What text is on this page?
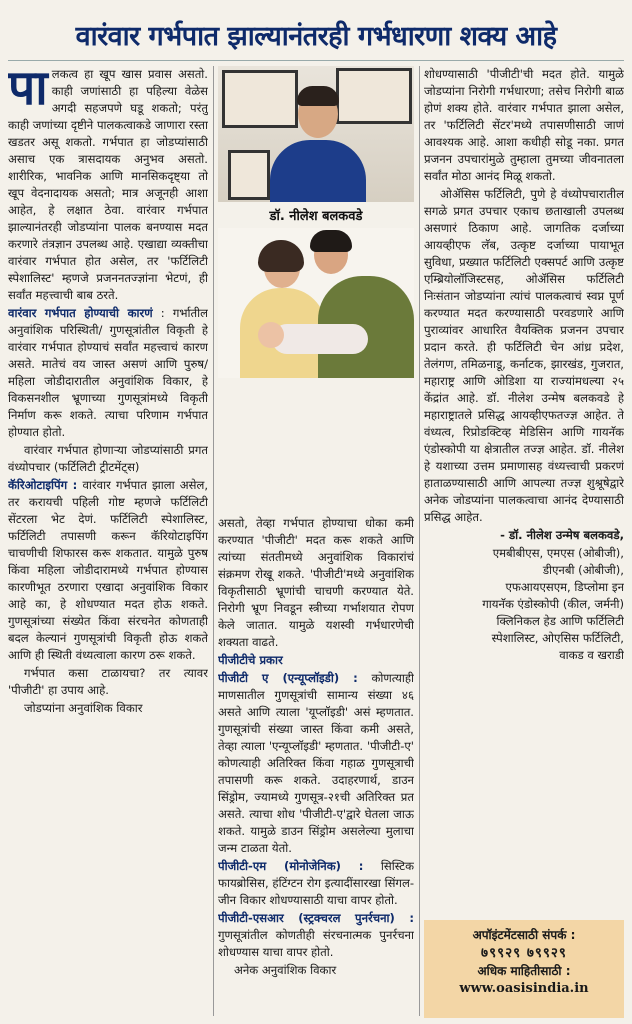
वारंवार गर्भपात झाल्यानंतरही गर्भधारणा शक्य आहे

पालकत्व हा खूप खास प्रवास असतो. काही जणांसाठी हा पहिल्या वेळेस अगदी सहजपणे घडू शकतो; परंतु काही जणांच्या दृष्टीने पालकत्वाकडे जाणारा रस्ता खडतर असू शकतो. गर्भपात हा जोडप्यांसाठी असाच एक त्रासदायक अनुभव असतो. शारीरिक, भावनिक आणि मानसिकदृष्ट्या तो खूप वेदनादायक असतो; मात्र अजूनही आशा आहेत, हे लक्षात ठेवा. वारंवार गर्भपात झाल्यानंतरही जोडप्यांना पालक बनण्यास मदत करणारे तंत्रज्ञान उपलब्ध आहे. एखाद्या व्यक्तीचा वारंवार गर्भपात होत असेल, तर 'फर्टिलिटी स्पेशालिस्ट' म्हणजे प्रजननतज्ज्ञांना भेटणं, ही सर्वांत महत्त्वाची बाब ठरते.

वारंवार गर्भपात होण्याची कारणं : गर्भातील अनुवांशिक परिस्थिती/ गुणसूत्रांतील विकृती हे वारंवार गर्भपात होण्याचं सर्वांत महत्त्वाचं कारण असते. मातेचं वय जास्त असणं आणि पुरुष/ महिला जोडीदारातील अनुवांशिक विकार, हे विकसनशील भ्रूणाच्या गुणसूत्रांमध्ये विकृती निर्माण करू शकते. त्याचा परिणाम गर्भपात होण्यात होतो.

वारंवार गर्भपात होणाऱ्या जोडप्यांसाठी प्रगत वंध्योपचार (फर्टिलिटी ट्रीटमेंट्स)

कॅरिओटाइपिंग : वारंवार गर्भपात झाला असेल, तर करायची पहिली गोष्ट म्हणजे फर्टिलिटी सेंटरला भेट देणं. फर्टिलिटी स्पेशालिस्ट, फर्टिलिटी तपासणी करून कॅरियोटाइपिंग चाचणीची शिफारस करू शकतात. यामुळे पुरुष किंवा महिला जोडीदारामध्ये गर्भपात होण्यास कारणीभूत ठरणारा एखादा अनुवांशिक विकार आहे का, हे शोधण्यात मदत होऊ शकते. गुणसूत्रांच्या संख्येत किंवा संरचनेत कोणताही बदल केल्यानं गुणसूत्रांची विकृती होऊ शकते आणि ही स्थिती वंध्यत्वाला कारण ठरू शकते.

गर्भपात कसा टाळायचा? तर त्यावर 'पीजीटी' हा उपाय आहे.

जोडप्यांना अनुवांशिक विकार

डॉ. नीलेश बलकवडे

असतो, तेव्हा गर्भपात होण्याचा धोका कमी करण्यात 'पीजीटी' मदत करू शकते आणि त्यांच्या संततीमध्ये अनुवांशिक विकारांचं संक्रमण रोखू शकते. 'पीजीटी'मध्ये अनुवांशिक विकृतीसाठी भ्रूणांची चाचणी करण्यात येते. निरोगी भ्रूण निवडून स्त्रीच्या गर्भाशयात रोपण केले जातात. यामुळे यशस्वी गर्भधारणेची शक्यता वाढते.

पीजीटीचे प्रकार

पीजीटी ए (एन्यूप्लॉइडी) : कोणत्याही माणसातील गुणसूत्रांची सामान्य संख्या ४६ असते आणि त्याला 'यूप्लॉइडी' असं म्हणतात. गुणसूत्रांची संख्या जास्त किंवा कमी असते, तेव्हा त्याला 'एन्यूप्लॉइडी' म्हणतात. 'पीजीटी-ए' कोणत्याही अतिरिक्त किंवा गहाळ गुणसूत्राची तपासणी करू शकते. उदाहरणार्थ, डाउन सिंड्रोम, ज्यामध्ये गुणसूत्र-२१ची अतिरिक्त प्रत असते. त्याचा शोध 'पीजीटी-ए'द्वारे घेतला जाऊ शकते. यामुळे डाउन सिंड्रोम असलेल्या मुलाचा जन्म टाळता येतो.

पीजीटी-एम (मोनोजेनिक) : सिस्टिक फायब्रोसिस, हंटिंग्टन रोग इत्यादींसारखा सिंगल-जीन विकार शोधण्यासाठी याचा वापर होतो.

पीजीटी-एसआर (स्ट्रक्चरल पुनर्रचना) : गुणसूत्रांतील कोणतीही संरचनात्मक पुनर्रचना शोधण्यास याचा वापर होतो.

अनेक अनुवांशिक विकार

शोधण्यासाठी 'पीजीटी'ची मदत होते. यामुळे जोडप्यांना निरोगी गर्भधारणा; तसेच निरोगी बाळ होणं शक्य होते. वारंवार गर्भपात झाला असेल, तर 'फर्टिलिटी सेंटर'मध्ये तपासणीसाठी जाणं आवश्यक आहे. आशा कधीही सोडू नका. प्रगत प्रजनन उपचारांमुळे तुम्हाला तुमच्या जीवनातला सर्वांत मोठा आनंद मिळू शकतो.

ओॲसिस फर्टिलिटी, पुणे हे वंध्योपचारातील सगळे प्रगत उपचार एकाच छताखाली उपलब्ध असणारं ठिकाण आहे. जागतिक दर्जाच्या आयव्हीएफ लॅब, उत्कृष्ट दर्जाच्या पायाभूत सुविधा, प्रख्यात फर्टिलिटी एक्सपर्ट आणि उत्कृष्ट एम्ब्रियोलॉजिस्टसह, ओॲसिस फर्टिलिटी निःसंतान जोडप्यांना त्यांचं पालकत्वाचं स्वप्न पूर्ण करण्यात मदत करण्यासाठी परवडणारे आणि पुराव्यांवर आधारित वैयक्तिक प्रजनन उपचार प्रदान करते. ही फर्टिलिटी चेन आंध्र प्रदेश, तेलंगण, तमिळनाडू, कर्नाटक, झारखंड, गुजरात, महाराष्ट्र आणि ओडिशा या राज्यांमधल्या २५ केंद्रांत आहे. डॉ. नीलेश उन्मेष बलकवडे हे महाराष्ट्रातले प्रसिद्ध आयव्हीएफतज्ज्ञ आहेत. ते वंध्यत्व, रिप्रोडक्टिव्ह मेडिसिन आणि गायनॅक एंडोस्कोपी या क्षेत्रातील तज्ज्ञ आहेत. डॉ. नीलेश हे यशाच्या उत्तम प्रमाणासह वंध्यत्त्वाची प्रकरणं हाताळण्यासाठी आणि आपल्या तज्ज्ञ शुश्रूषेद्वारे अनेक जोडप्यांना पालकत्वाचा आनंद देण्यासाठी प्रसिद्ध आहेत.

- डॉ. नीलेश उन्मेष बलकवडे,

एमबीबीएस, एमएस (ओबीजी),
डीएनबी (ओबीजी),
एफआयएसएम, डिप्लोमा इन
गायनॅक एंडोस्कोपी (कील, जर्मनी)
क्लिनिकल हेड आणि फर्टिलिटी
स्पेशालिस्ट, ओएसिस फर्टिलिटी,
वाकड व खराडी
अपॉइंटमेंटसाठी संपर्क :
७९९२९ ७९९२९
अधिक माहितीसाठी :
www.oasisindia.in
